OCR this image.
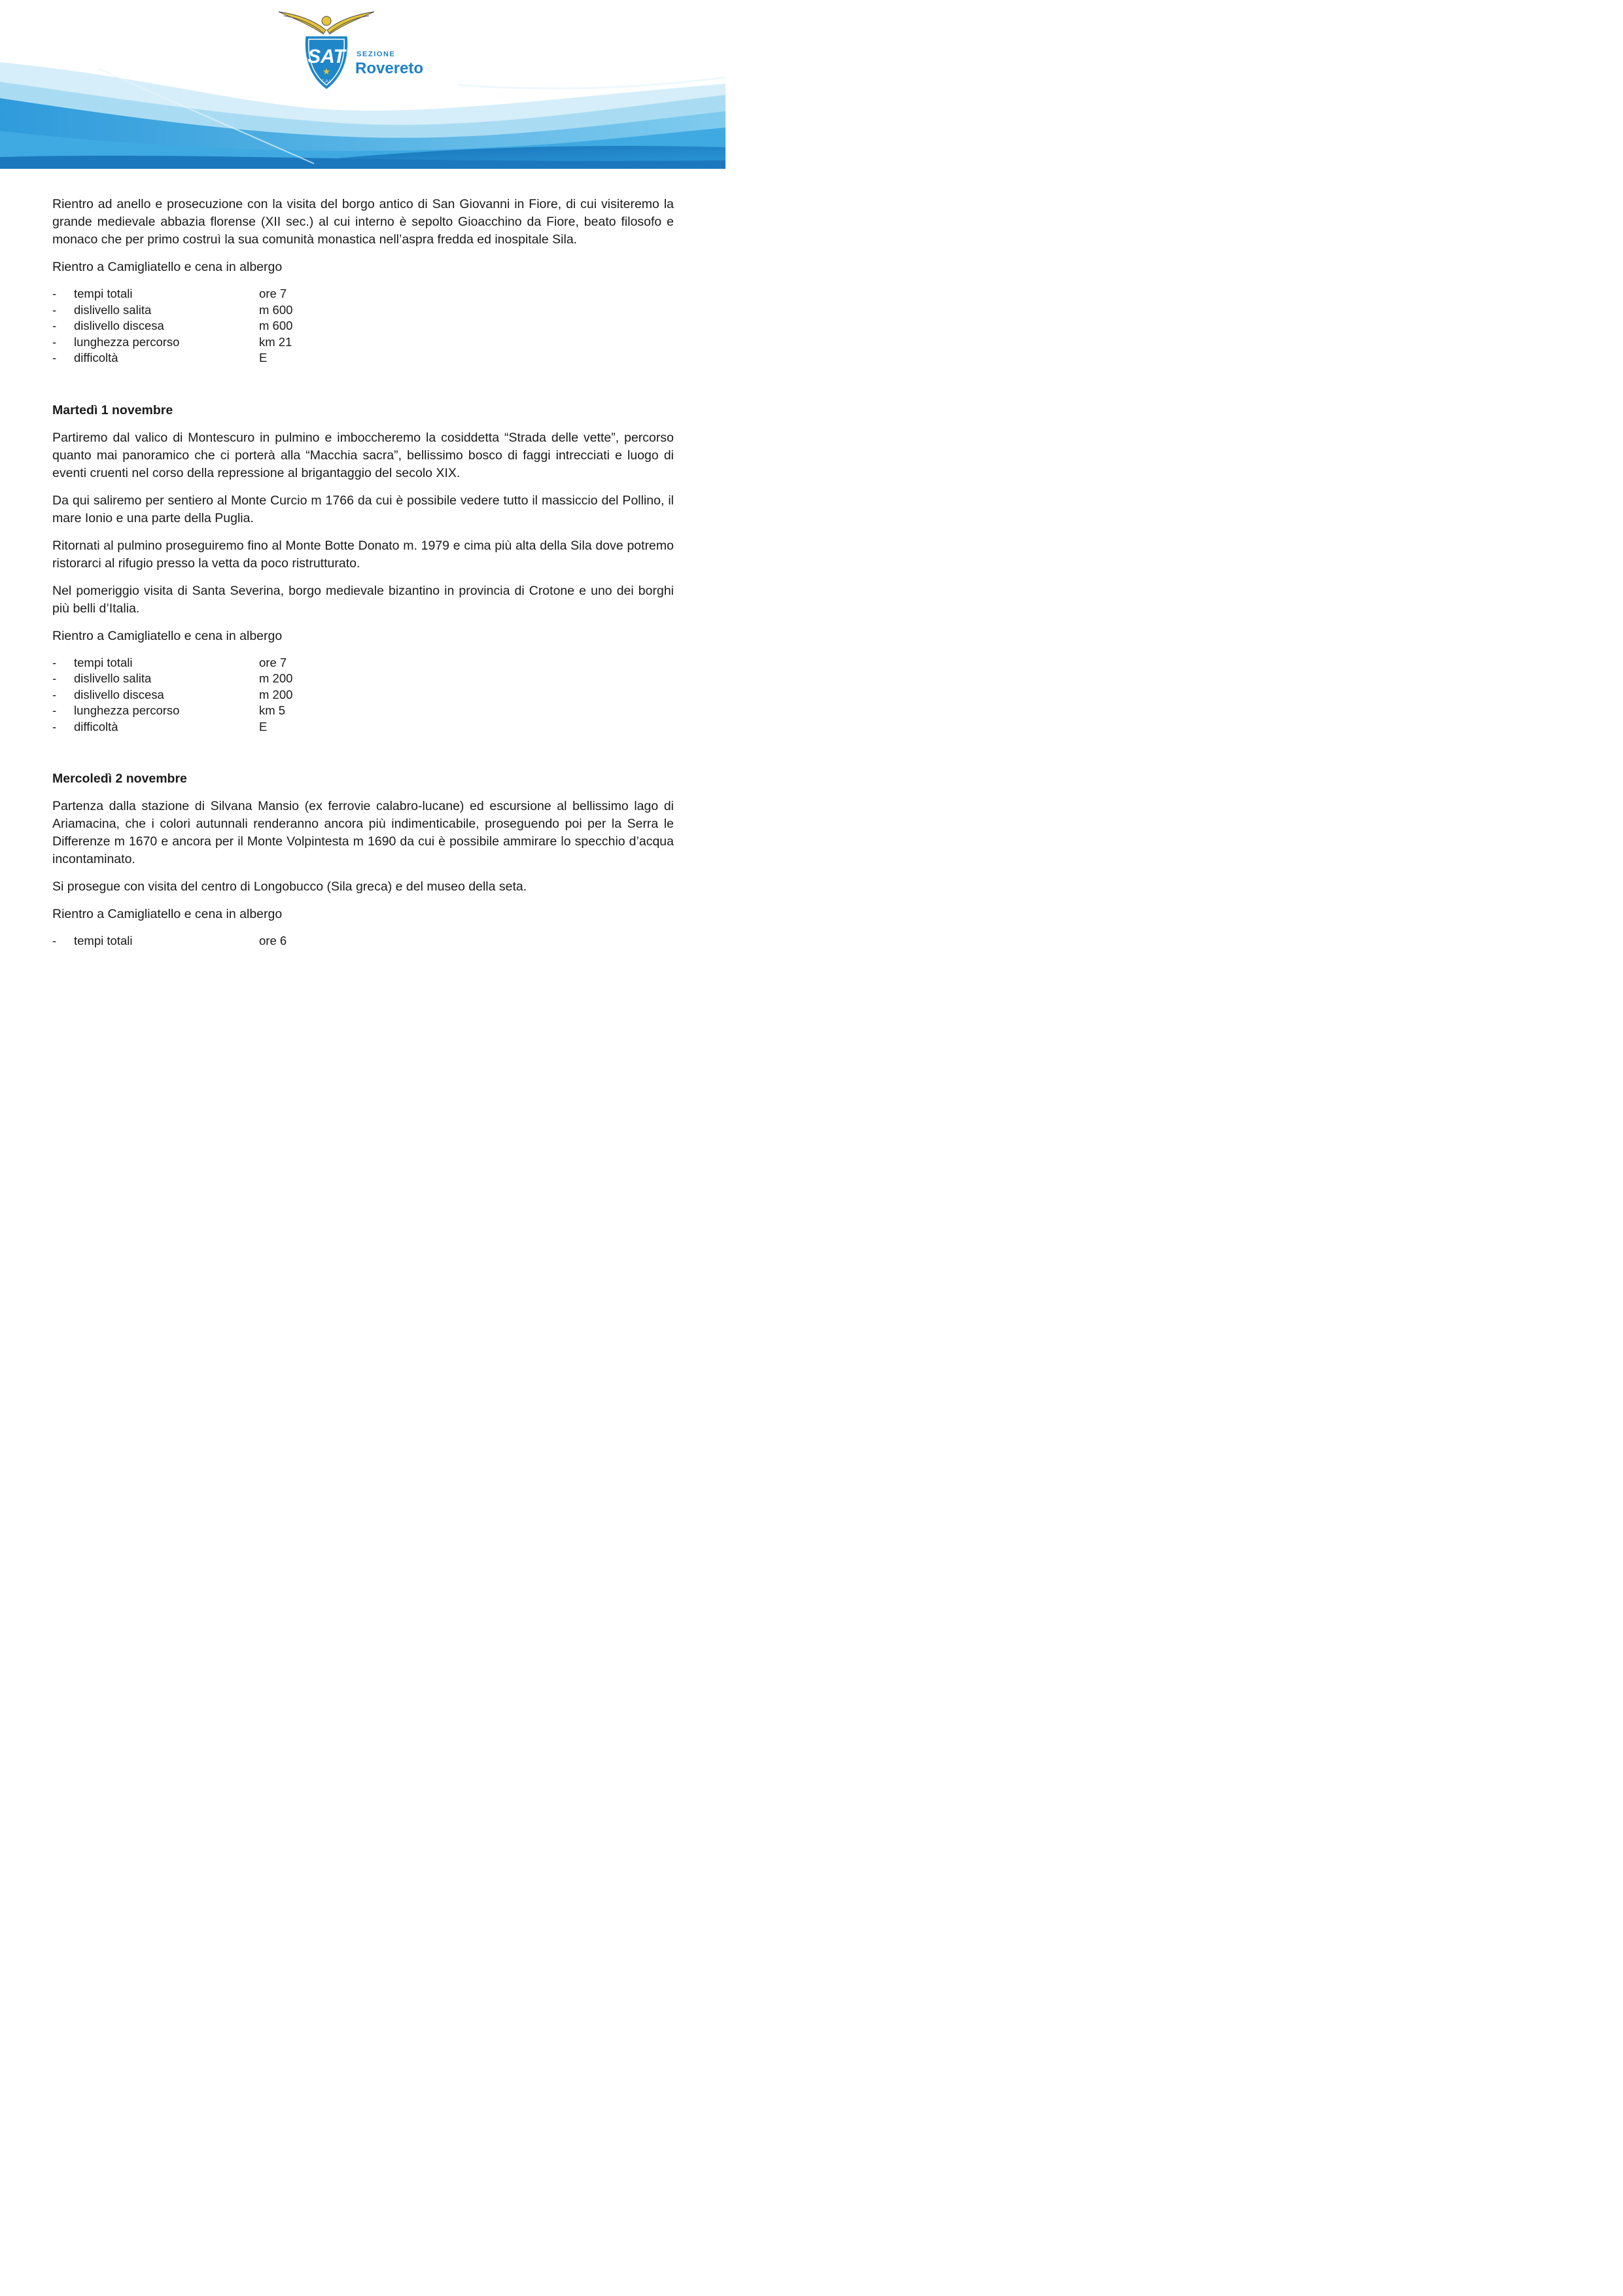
SAT
★
C.A.I.
SEZIONE
Rovereto

Rientro ad anello e prosecuzione con la visita del borgo antico di San Giovanni in Fiore, di cui visiteremo la grande medievale abbazia florense (XII sec.) al cui interno è sepolto Gioacchino da Fiore, beato filosofo e monaco che per primo costruì la sua comunità monastica nell’aspra fredda ed inospitale Sila.

Rientro a Camigliatello e cena in albergo

-	tempi totali	ore 7
-	dislivello salita	m 600
-	dislivello discesa	m 600
-	lunghezza percorso	km 21
-	difficoltà	E
Martedì 1 novembre

Partiremo dal valico di Montescuro in pulmino e imboccheremo la cosiddetta “Strada delle vette”, percorso quanto mai panoramico che ci porterà alla “Macchia sacra”, bellissimo bosco di faggi intrecciati e luogo di eventi cruenti nel corso della repressione al brigantaggio del secolo XIX.

Da qui saliremo per sentiero al Monte Curcio m 1766 da cui è possibile vedere tutto il massiccio del Pollino, il mare Ionio e una parte della Puglia.

Ritornati al pulmino proseguiremo fino al Monte Botte Donato m. 1979 e cima più alta della Sila dove potremo ristorarci al rifugio presso la vetta da poco ristrutturato.

Nel pomeriggio visita di Santa Severina, borgo medievale bizantino in provincia di Crotone e uno dei borghi più belli d’Italia.

Rientro a Camigliatello e cena in albergo

-	tempi totali	ore 7
-	dislivello salita	m 200
-	dislivello discesa	m 200
-	lunghezza percorso	km 5
-	difficoltà	E
Mercoledì 2 novembre

Partenza dalla stazione di Silvana Mansio (ex ferrovie calabro-lucane) ed escursione al bellissimo lago di Ariamacina, che i colori autunnali renderanno ancora più indimenticabile, proseguendo poi per la Serra le Differenze m 1670 e ancora per il Monte Volpintesta m 1690 da cui è possibile ammirare lo specchio d’acqua incontaminato.

Si prosegue con visita del centro di Longobucco (Sila greca) e del museo della seta.

Rientro a Camigliatello e cena in albergo

-	tempi totali	ore 6
